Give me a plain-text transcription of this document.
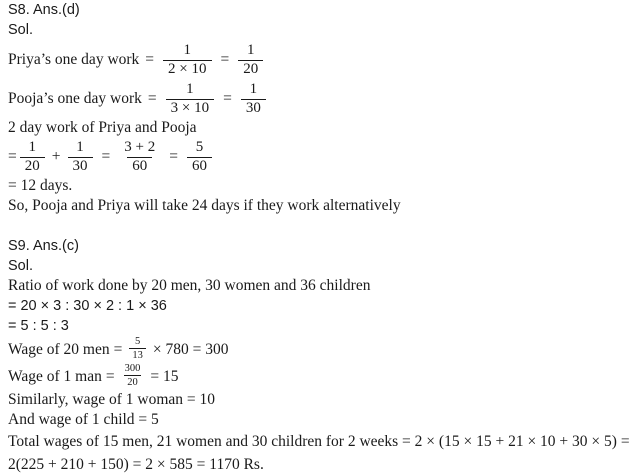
S8. Ans.(d)
Sol.
Priya’s one day work = $\frac{1}{2 \times 10} = \frac{1}{20}$
Pooja’s one day work = $\frac{1}{3 \times 10} = \frac{1}{30}$
2 day work of Priya and Pooja
= $\frac{1}{20} + \frac{1}{30} = \frac{3 + 2}{60} = \frac{5}{60}$
= 12 days.
So, Pooja and Priya will take 24 days if they work alternatively
S9. Ans.(c)
Sol.
Ratio of work done by 20 men, 30 women and 36 children
= 20 × 3 : 30 × 2 : 1 × 36
= 5 : 5 : 3
Wage of 20 men = $\frac{5}{13} \times 780 = 300$
Wage of 1 man = $\frac{300}{20} = 15$
Similarly, wage of 1 woman = 10
And wage of 1 child = 5
Total wages of 15 men, 21 women and 30 children for 2 weeks = 2 × (15 × 15 + 21 × 10 + 30 × 5) = 2(225 + 210 + 150) = 2 × 585 = 1170 Rs.
